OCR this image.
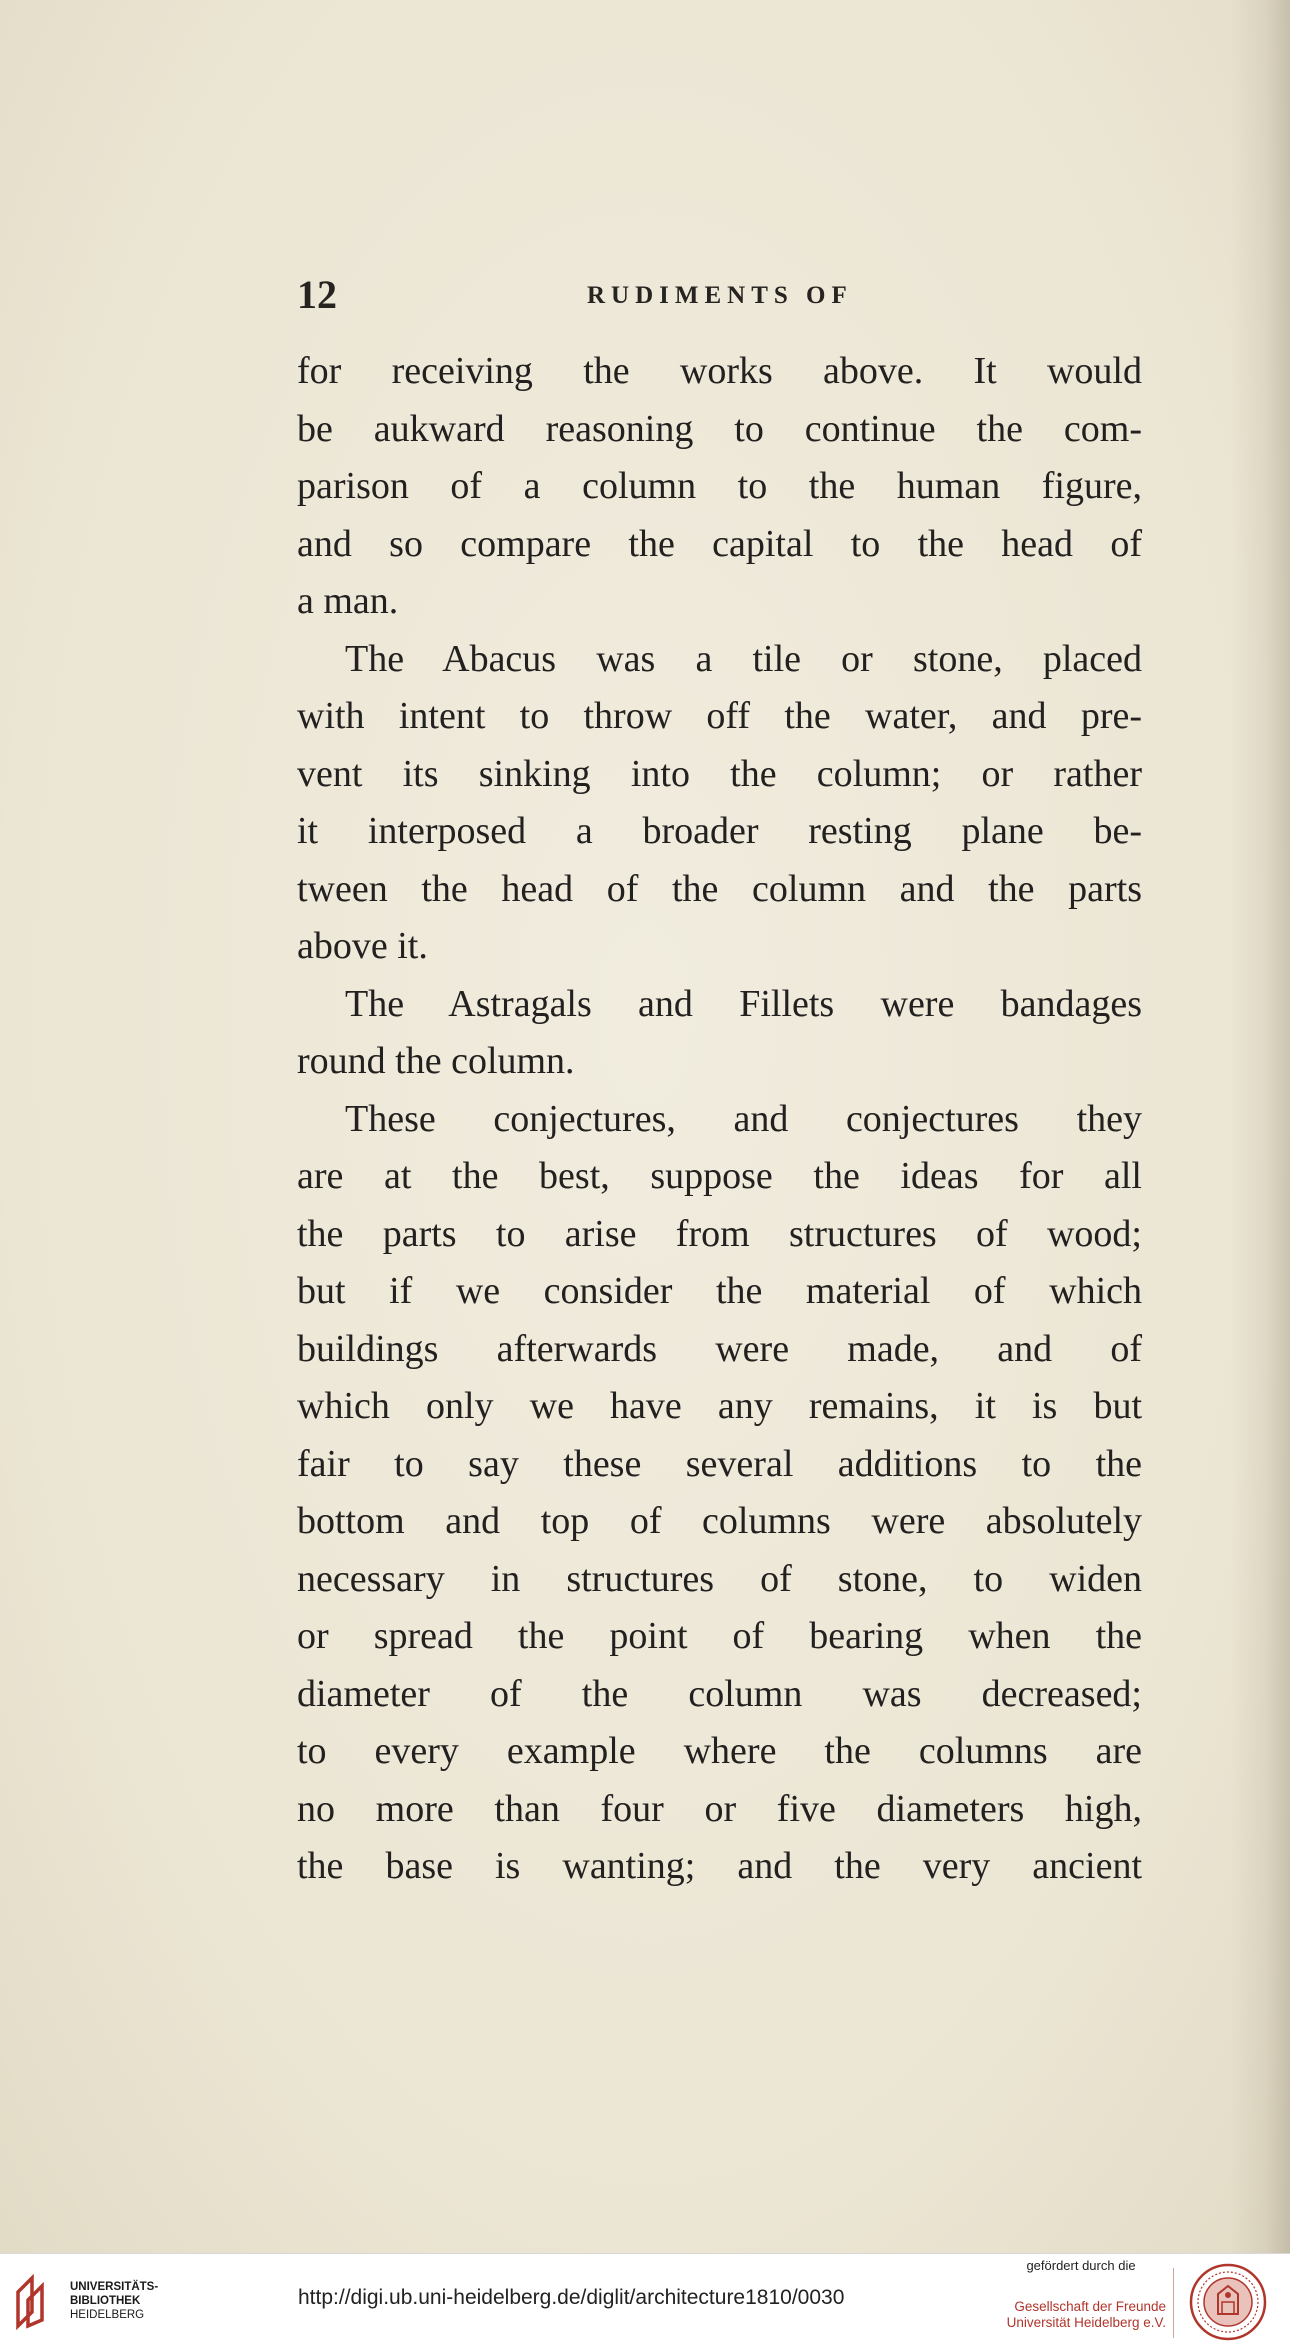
12	RUDIMENTS OF
for receiving the works above. It would
be aukward reasoning to continue the com-
parison of a column to the human figure,
and so compare the capital to the head of
a man.
The Abacus was a tile or stone, placed
with intent to throw off the water, and pre-
vent its sinking into the column; or rather
it interposed a broader resting plane be-
tween the head of the column and the parts
above it.
The Astragals and Fillets were bandages
round the column.
These conjectures, and conjectures they
are at the best, suppose the ideas for all
the parts to arise from structures of wood;
but if we consider the material of which
buildings afterwards were made, and of
which only we have any remains, it is but
fair to say these several additions to the
bottom and top of columns were absolutely
necessary in structures of stone, to widen
or spread the point of bearing when the
diameter of the column was decreased;
to every example where the columns are
no more than four or five diameters high,
the base is wanting; and the very ancient
UNIVERSITÄTS-
BIBLIOTHEK
HEIDELBERG
http://digi.ub.uni-heidelberg.de/diglit/architecture1810/0030
gefördert durch die
Gesellschaft der Freunde
Universität Heidelberg e.V.
